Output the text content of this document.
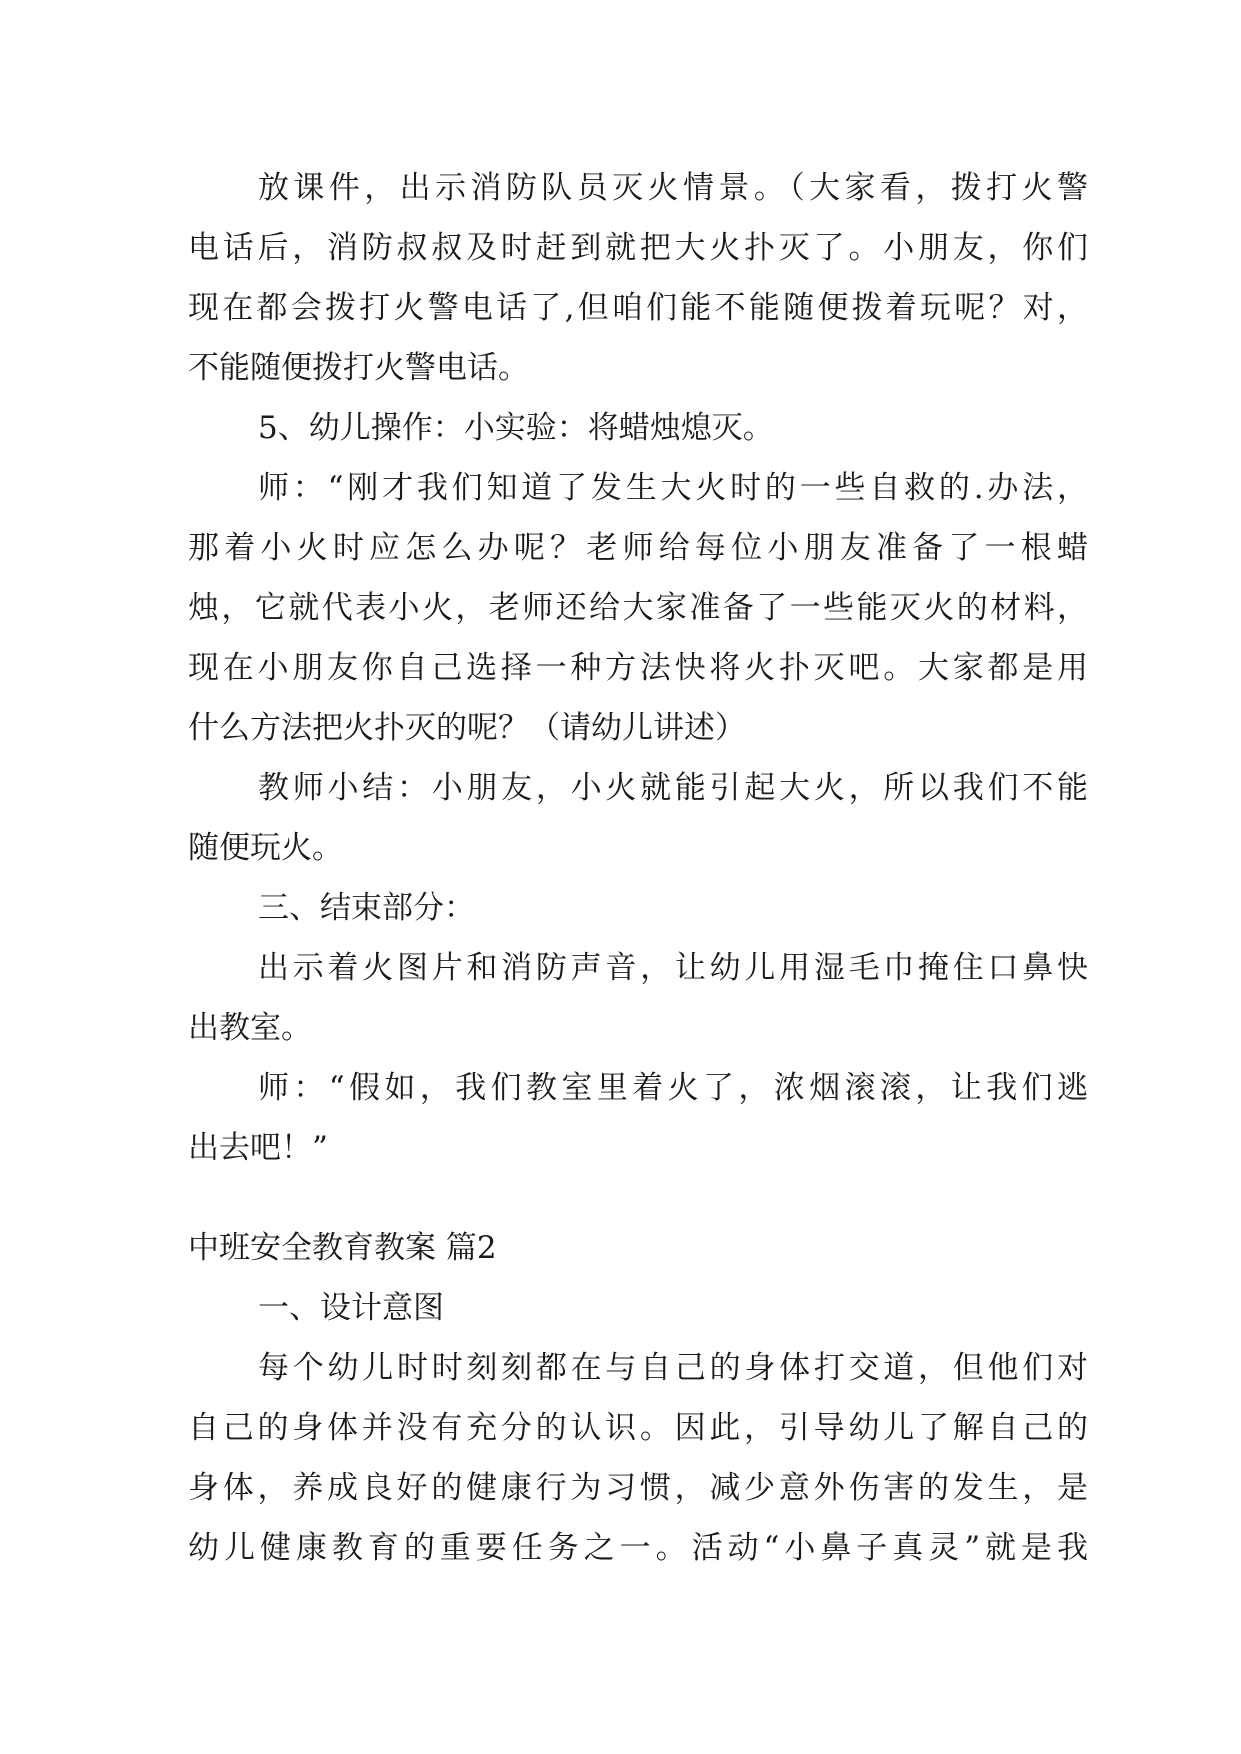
放课件，出示消防队员灭火情景。（大家看，拨打火警
电话后，消防叔叔及时赶到就把大火扑灭了。小朋友，你们
现在都会拨打火警电话了,但咱们能不能随便拨着玩呢？对，
不能随便拨打火警电话。
5、幼儿操作：小实验：将蜡烛熄灭。
师：“刚才我们知道了发生大火时的一些自救的.办法，
那着小火时应怎么办呢？老师给每位小朋友准备了一根蜡
烛，它就代表小火，老师还给大家准备了一些能灭火的材料，
现在小朋友你自己选择一种方法快将火扑灭吧。大家都是用
什么方法把火扑灭的呢？（请幼儿讲述）
教师小结：小朋友，小火就能引起大火，所以我们不能
随便玩火。
三、结束部分：
出示着火图片和消防声音，让幼儿用湿毛巾掩住口鼻快
出教室。
师：“假如，我们教室里着火了，浓烟滚滚，让我们逃
出去吧！”
中班安全教育教案 篇2
一、设计意图
每个幼儿时时刻刻都在与自己的身体打交道，但他们对
自己的身体并没有充分的认识。因此，引导幼儿了解自己的
身体，养成良好的健康行为习惯，减少意外伤害的发生，是
幼儿健康教育的重要任务之一。活动“小鼻子真灵”就是我
